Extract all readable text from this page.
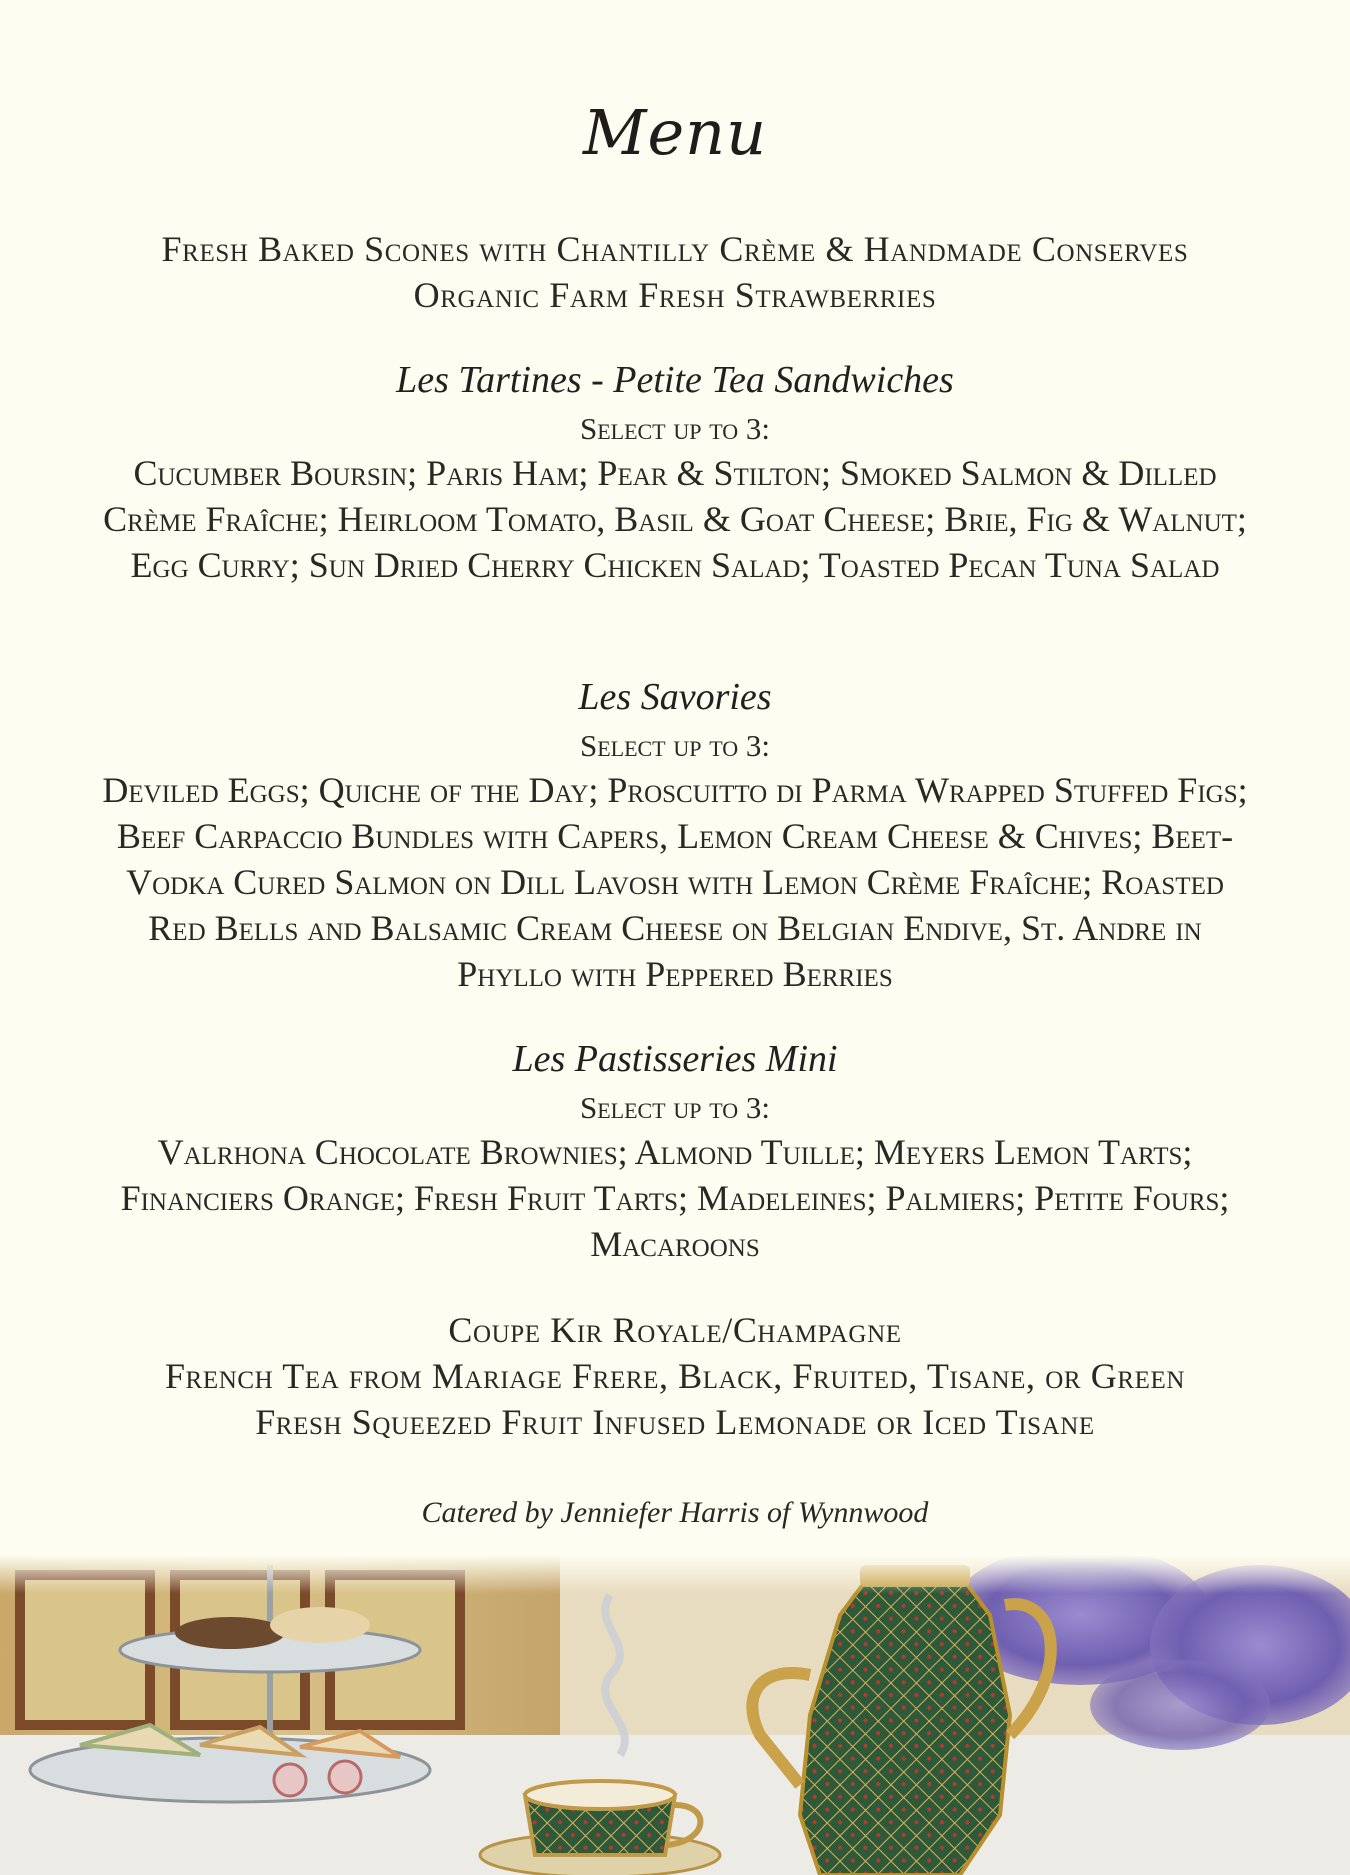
Menu
Fresh Baked Scones with Chantilly Crème & Handmade Conserves
Organic Farm Fresh Strawberries
Les Tartines - Petite Tea Sandwiches
Select up to 3:
Cucumber Boursin; Paris Ham; Pear & Stilton; Smoked Salmon & Dilled Crème Fraîche; Heirloom Tomato, Basil & Goat Cheese; Brie, Fig & Walnut; Egg Curry; Sun Dried Cherry Chicken Salad; Toasted Pecan Tuna Salad
Les Savories
Select up to 3:
Deviled Eggs; Quiche of the Day; Proscuitto di Parma Wrapped Stuffed Figs; Beef Carpaccio Bundles with Capers, Lemon Cream Cheese & Chives; Beet-Vodka Cured Salmon on Dill Lavosh with Lemon Crème Fraîche; Roasted Red Bells and Balsamic Cream Cheese on Belgian Endive, St. Andre in Phyllo with Peppered Berries
Les Pastisseries Mini
Select up to 3:
Valrhona Chocolate Brownies; Almond Tuille; Meyers Lemon Tarts; Financiers Orange; Fresh Fruit Tarts; Madeleines; Palmiers; Petite Fours; Macaroons
Coupe Kir Royale/Champagne
French Tea from Mariage Frere, Black, Fruited, Tisane, or Green
Fresh Squeezed Fruit Infused Lemonade or Iced Tisane
Catered by Jenniefer Harris of Wynnwood
